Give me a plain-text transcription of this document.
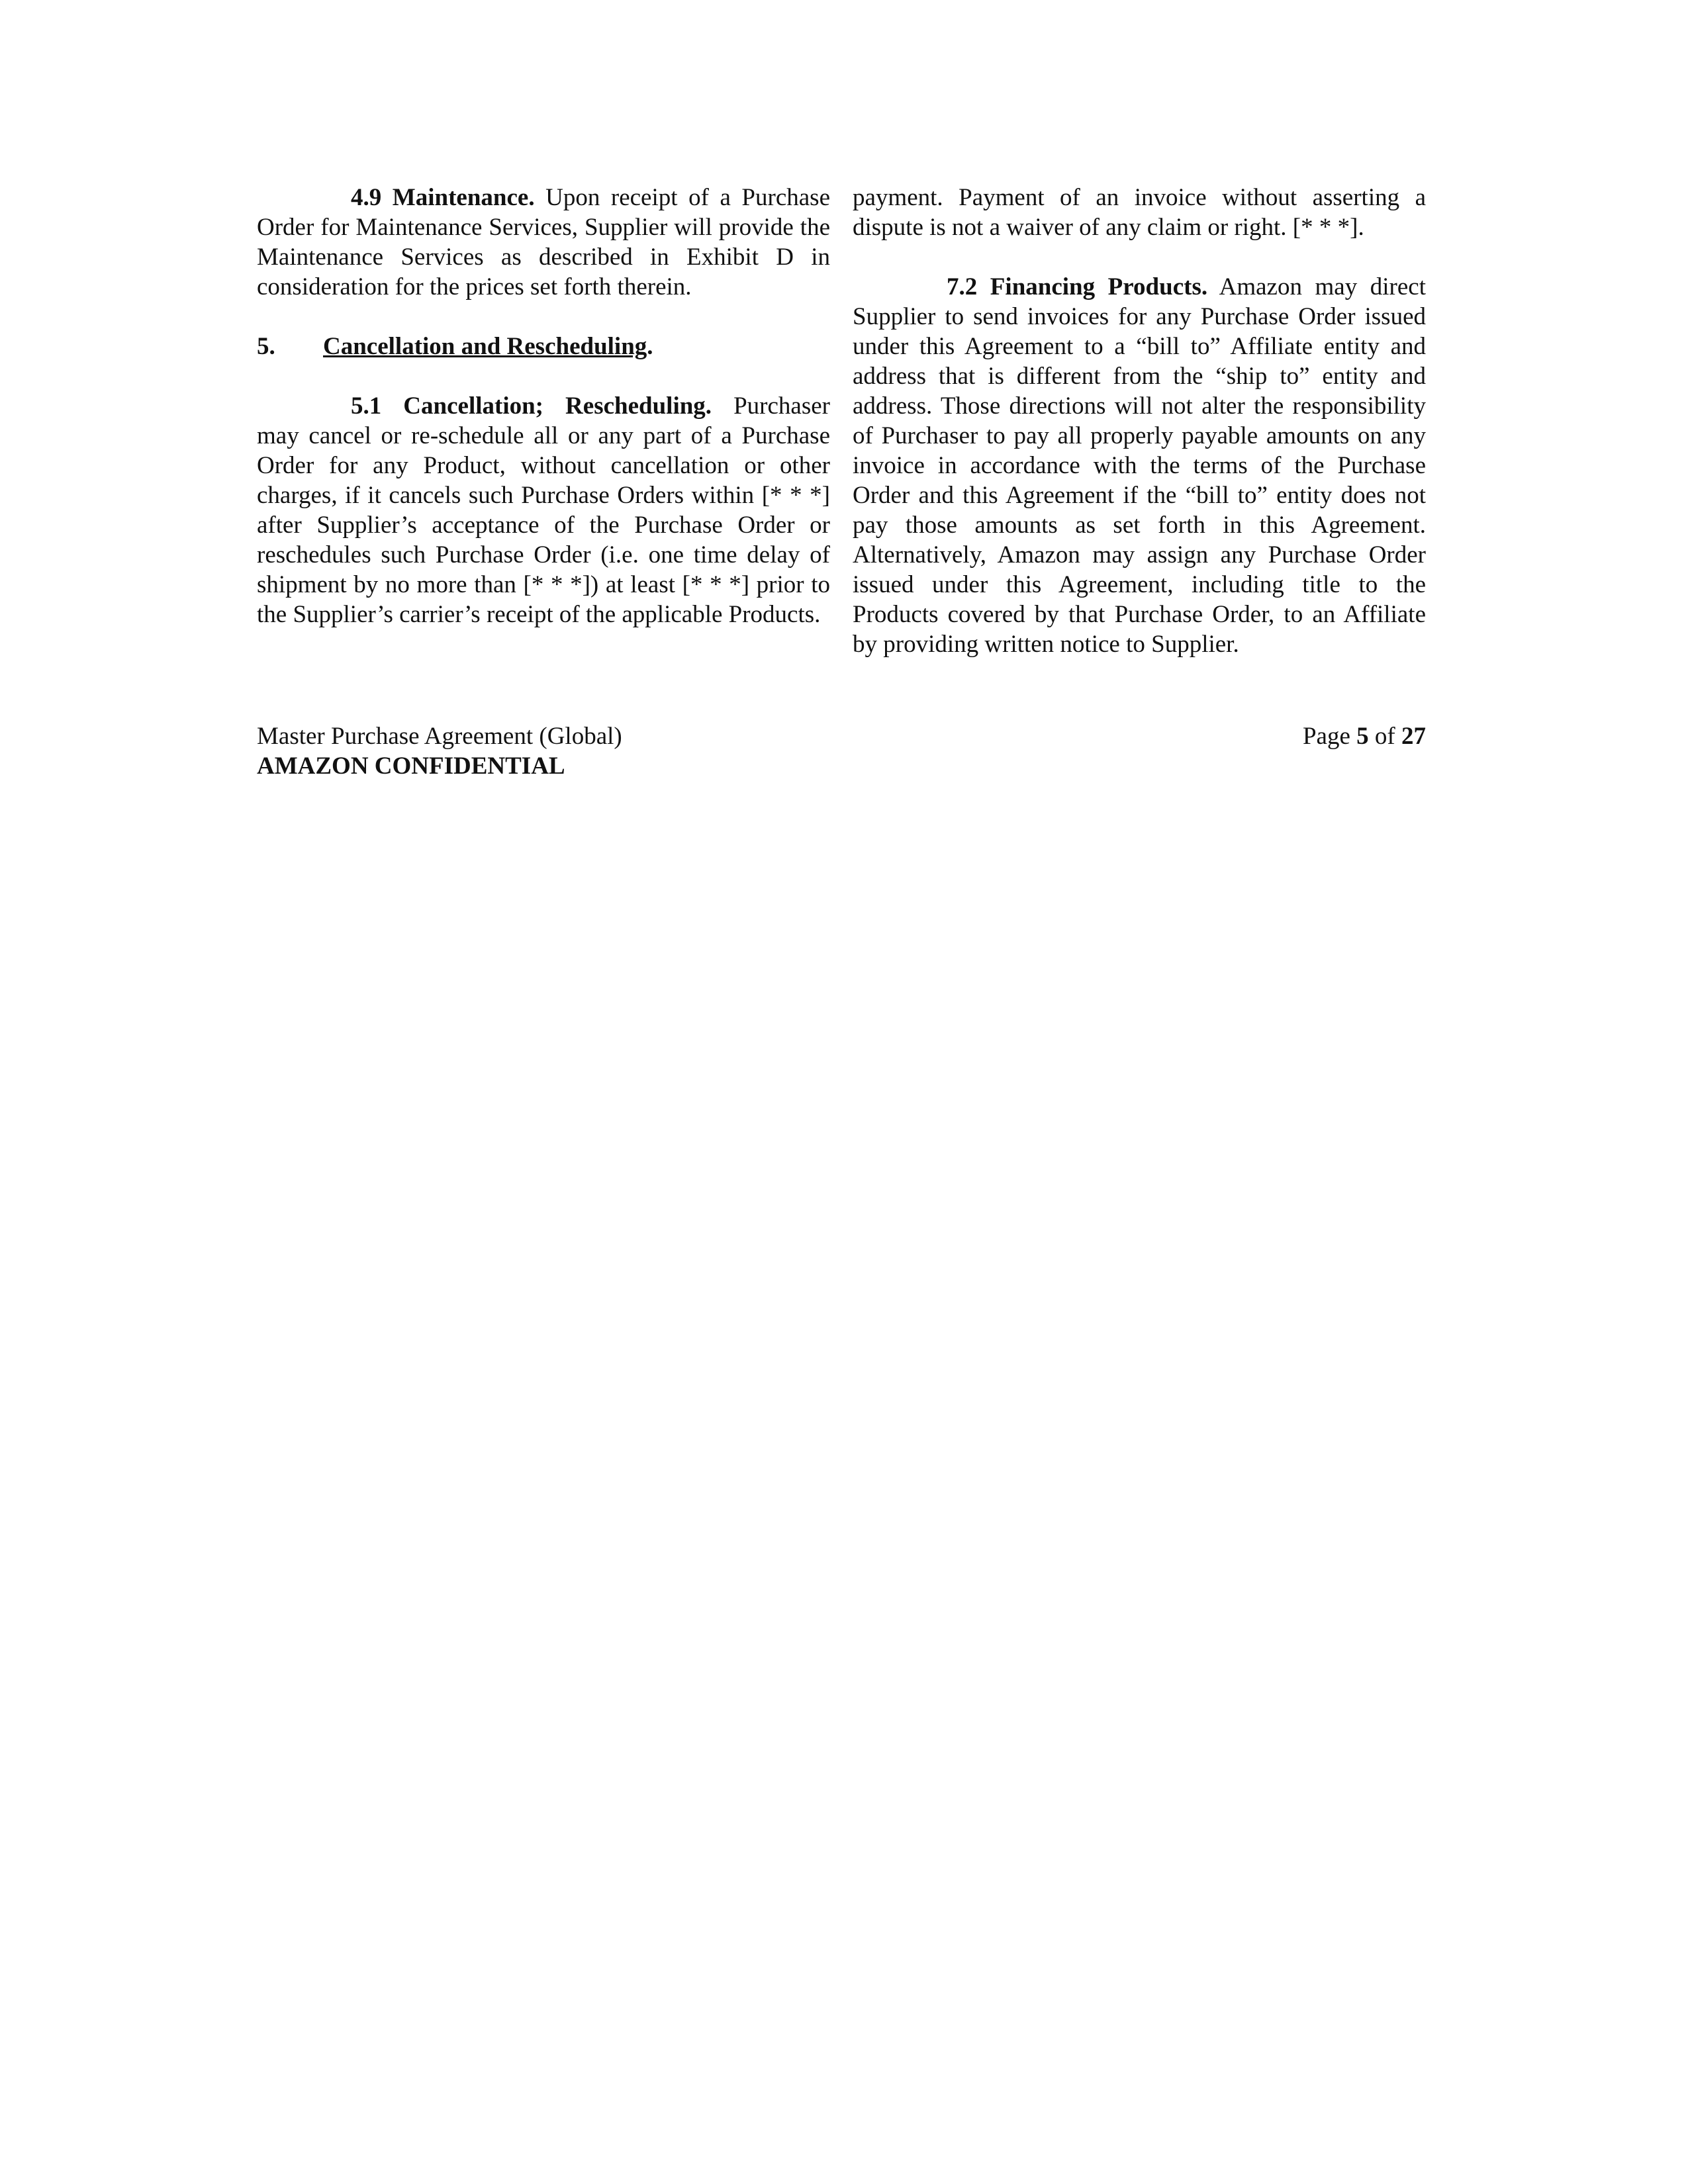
4.9 Maintenance. Upon receipt of a Purchase Order for Maintenance Services, Supplier will provide the Maintenance Services as described in Exhibit D in consideration for the prices set forth therein.

5. Cancellation and Rescheduling.

5.1 Cancellation; Rescheduling. Purchaser may cancel or re-schedule all or any part of a Purchase Order for any Product, without cancellation or other charges, if it cancels such Purchase Orders within [* * *] after Supplier’s acceptance of the Purchase Order or reschedules such Purchase Order (i.e. one time delay of shipment by no more than [* * *]) at least [* * *] prior to the Supplier’s carrier’s receipt of the applicable Products.

payment. Payment of an invoice without asserting a dispute is not a waiver of any claim or right. [* * *].

7.2 Financing Products. Amazon may direct Supplier to send invoices for any Purchase Order issued under this Agreement to a “bill to” Affiliate entity and address that is different from the “ship to” entity and address. Those directions will not alter the responsibility of Purchaser to pay all properly payable amounts on any invoice in accordance with the terms of the Purchase Order and this Agreement if the “bill to” entity does not pay those amounts as set forth in this Agreement. Alternatively, Amazon may assign any Purchase Order issued under this Agreement, including title to the Products covered by that Purchase Order, to an Affiliate by providing written notice to Supplier.

Master Purchase Agreement (Global)	Page 5 of 27
AMAZON CONFIDENTIAL
